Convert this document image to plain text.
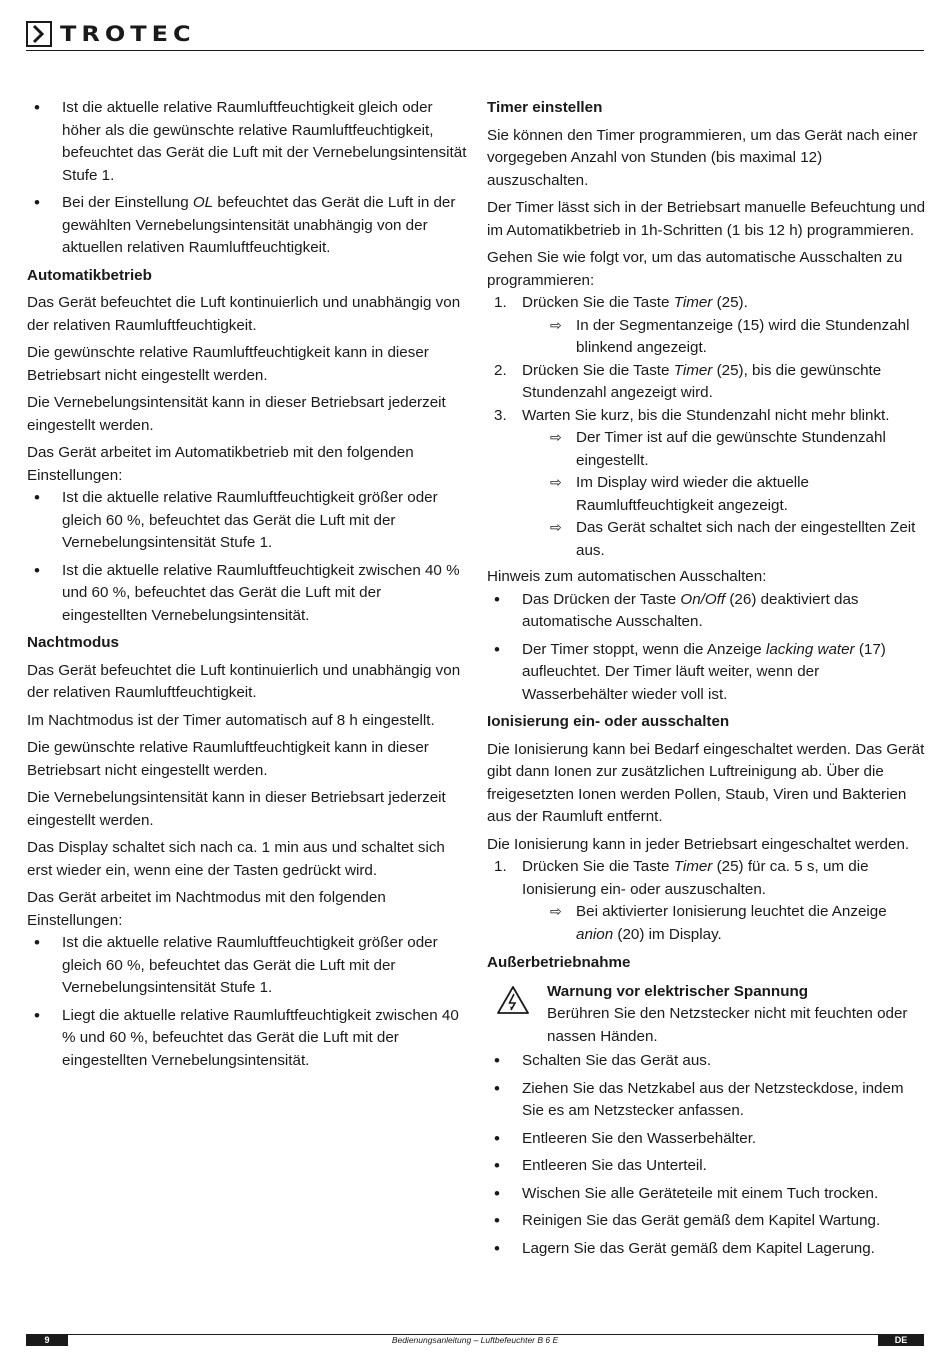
TROTEC
• Ist die aktuelle relative Raumluftfeuchtigkeit gleich oder höher als die gewünschte relative Raumluftfeuchtigkeit, befeuchtet das Gerät die Luft mit der Vernebelungsintensität Stufe 1.
• Bei der Einstellung OL befeuchtet das Gerät die Luft in der gewählten Vernebelungsintensität unabhängig von der aktuellen relativen Raumluftfeuchtigkeit.
Automatikbetrieb

Das Gerät befeuchtet die Luft kontinuierlich und unabhängig von der relativen Raumluftfeuchtigkeit.

Die gewünschte relative Raumluftfeuchtigkeit kann in dieser Betriebsart nicht eingestellt werden.

Die Vernebelungsintensität kann in dieser Betriebsart jederzeit eingestellt werden.

Das Gerät arbeitet im Automatikbetrieb mit den folgenden Einstellungen:

• Ist die aktuelle relative Raumluftfeuchtigkeit größer oder gleich 60 %, befeuchtet das Gerät die Luft mit der Vernebelungsintensität Stufe 1.
• Ist die aktuelle relative Raumluftfeuchtigkeit zwischen 40 % und 60 %, befeuchtet das Gerät die Luft mit der eingestellten Vernebelungsintensität.
Nachtmodus

Das Gerät befeuchtet die Luft kontinuierlich und unabhängig von der relativen Raumluftfeuchtigkeit.

Im Nachtmodus ist der Timer automatisch auf 8 h eingestellt.

Die gewünschte relative Raumluftfeuchtigkeit kann in dieser Betriebsart nicht eingestellt werden.

Die Vernebelungsintensität kann in dieser Betriebsart jederzeit eingestellt werden.

Das Display schaltet sich nach ca. 1 min aus und schaltet sich erst wieder ein, wenn eine der Tasten gedrückt wird.

Das Gerät arbeitet im Nachtmodus mit den folgenden Einstellungen:

• Ist die aktuelle relative Raumluftfeuchtigkeit größer oder gleich 60 %, befeuchtet das Gerät die Luft mit der Vernebelungsintensität Stufe 1.
• Liegt die aktuelle relative Raumluftfeuchtigkeit zwischen 40 % und 60 %, befeuchtet das Gerät die Luft mit der eingestellten Vernebelungsintensität.
Timer einstellen

Sie können den Timer programmieren, um das Gerät nach einer vorgegeben Anzahl von Stunden (bis maximal 12) auszuschalten.

Der Timer lässt sich in der Betriebsart manuelle Befeuchtung und im Automatikbetrieb in 1h-Schritten (1 bis 12 h) programmieren.

Gehen Sie wie folgt vor, um das automatische Ausschalten zu programmieren:

1. Drücken Sie die Taste Timer (25).
⇨ In der Segmentanzeige (15) wird die Stundenzahl blinkend angezeigt.
2. Drücken Sie die Taste Timer (25), bis die gewünschte Stundenzahl angezeigt wird.
3. Warten Sie kurz, bis die Stundenzahl nicht mehr blinkt.
⇨ Der Timer ist auf die gewünschte Stundenzahl eingestellt.
⇨ Im Display wird wieder die aktuelle Raumluftfeuchtigkeit angezeigt.
⇨ Das Gerät schaltet sich nach der eingestellten Zeit aus.

Hinweis zum automatischen Ausschalten:

• Das Drücken der Taste On/Off (26) deaktiviert das automatische Ausschalten.
• Der Timer stoppt, wenn die Anzeige lacking water (17) aufleuchtet. Der Timer läuft weiter, wenn der Wasserbehälter wieder voll ist.
Ionisierung ein- oder ausschalten

Die Ionisierung kann bei Bedarf eingeschaltet werden. Das Gerät gibt dann Ionen zur zusätzlichen Luftreinigung ab. Über die freigesetzten Ionen werden Pollen, Staub, Viren und Bakterien aus der Raumluft entfernt.

Die Ionisierung kann in jeder Betriebsart eingeschaltet werden.

1. Drücken Sie die Taste Timer (25) für ca. 5 s, um die Ionisierung ein- oder auszuschalten.
⇨ Bei aktivierter Ionisierung leuchtet die Anzeige anion (20) im Display.
Außerbetriebnahme
Warnung vor elektrischer Spannung
Berühren Sie den Netzstecker nicht mit feuchten oder nassen Händen.
• Schalten Sie das Gerät aus.
• Ziehen Sie das Netzkabel aus der Netzsteckdose, indem Sie es am Netzstecker anfassen.
• Entleeren Sie den Wasserbehälter.
• Entleeren Sie das Unterteil.
• Wischen Sie alle Geräteteile mit einem Tuch trocken.
• Reinigen Sie das Gerät gemäß dem Kapitel Wartung.
• Lagern Sie das Gerät gemäß dem Kapitel Lagerung.
9	Bedienungsanleitung – Luftbefeuchter B 6 E	DE
